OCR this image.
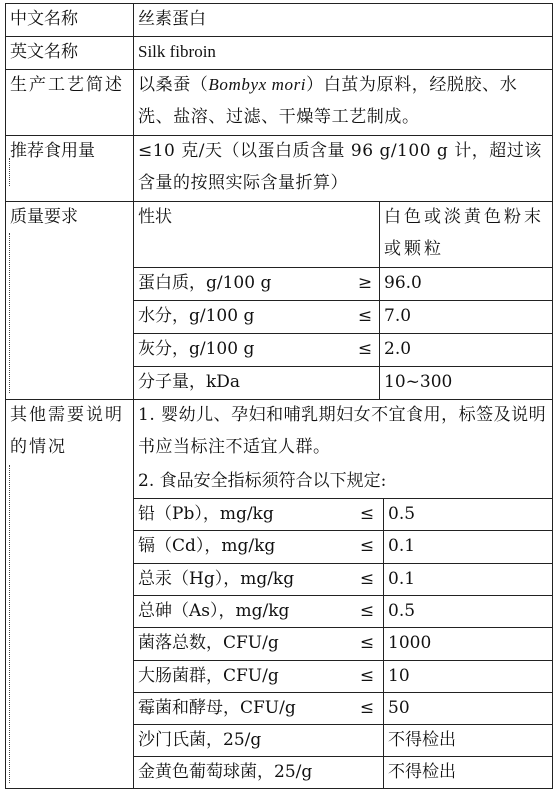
中文名称	丝素蛋白
英文名称	Silk fibroin
生产工艺简述 以桑蚕（Bombyx mori）白茧为原料，经脱胶、水洗、盐溶、过滤、干燥等工艺制成。
推荐食用量	≤10 克/天（以蛋白质含量 96 g/100 g 计，超过该含量的按照实际含量折算）
质量要求	性状	白色或淡黄色粉末或颗粒
蛋白质，g/100 g	≥ 96.0
水分，g/100 g	≤ 7.0
灰分，g/100 g	≤ 2.0
分子量，kDa	10~300
其他需要说明的情况
1. 婴幼儿、孕妇和哺乳期妇女不宜食用，标签及说明书应当标注不适宜人群。
2. 食品安全指标须符合以下规定:
铅（Pb），mg/kg	≤ 0.5
镉（Cd），mg/kg	≤ 0.1
总汞（Hg），mg/kg	≤ 0.1
总砷（As），mg/kg	≤ 0.5
菌落总数，CFU/g	≤ 1000
大肠菌群，CFU/g	≤ 10
霉菌和酵母，CFU/g	≤ 50
沙门氏菌，25/g	不得检出
金黄色葡萄球菌，25/g	不得检出
